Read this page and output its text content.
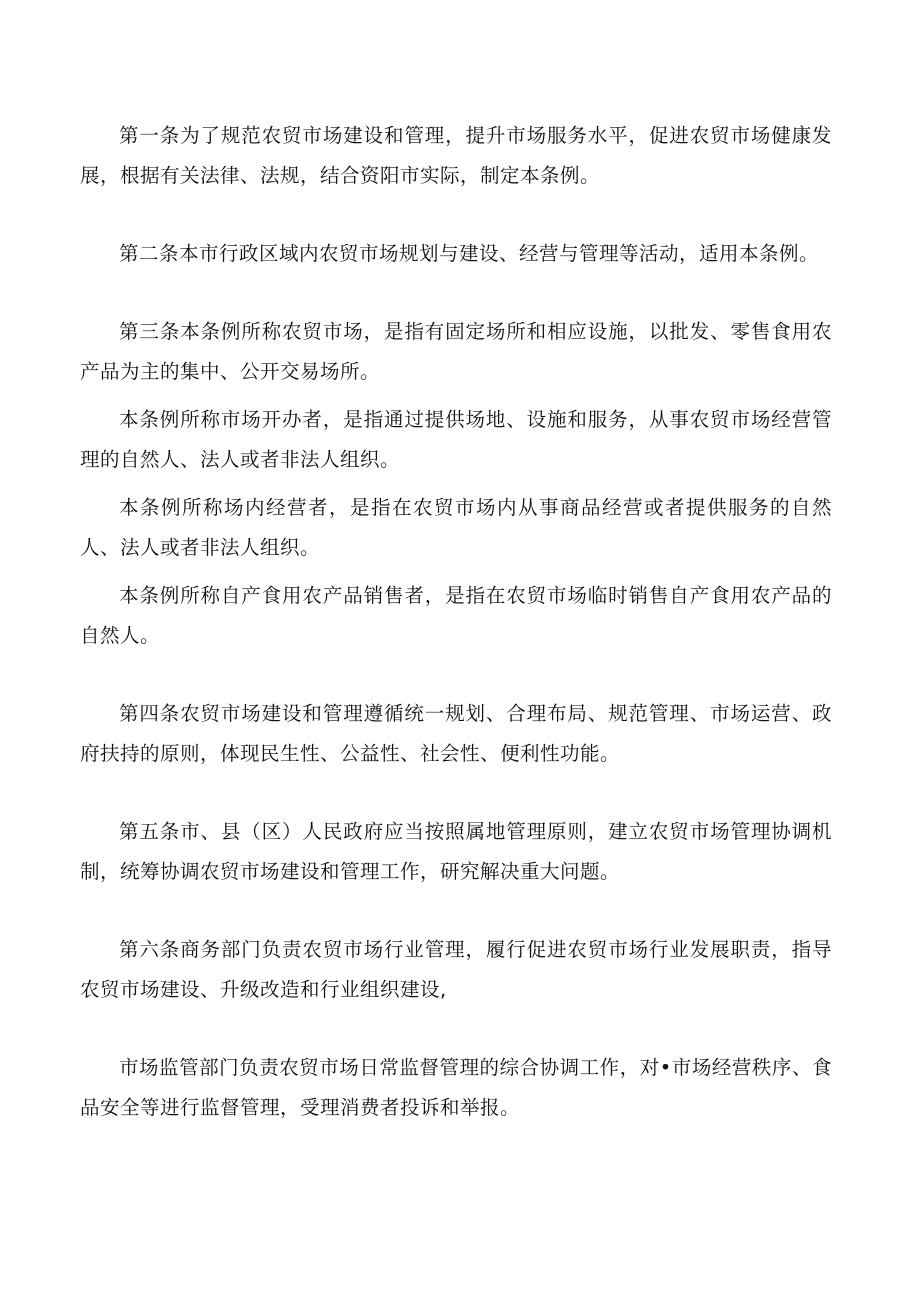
第一条为了规范农贸市场建设和管理，提升市场服务水平，促进农贸市场健康发展，根据有关法律、法规，结合资阳市实际，制定本条例。

第二条本市行政区域内农贸市场规划与建设、经营与管理等活动，适用本条例。

第三条本条例所称农贸市场，是指有固定场所和相应设施，以批发、零售食用农产品为主的集中、公开交易场所。

本条例所称市场开办者，是指通过提供场地、设施和服务，从事农贸市场经营管理的自然人、法人或者非法人组织。

本条例所称场内经营者，是指在农贸市场内从事商品经营或者提供服务的自然人、法人或者非法人组织。

本条例所称自产食用农产品销售者，是指在农贸市场临时销售自产食用农产品的自然人。

第四条农贸市场建设和管理遵循统一规划、合理布局、规范管理、市场运营、政府扶持的原则，体现民生性、公益性、社会性、便利性功能。

第五条市、县（区）人民政府应当按照属地管理原则，建立农贸市场管理协调机制，统筹协调农贸市场建设和管理工作，研究解决重大问题。

第六条商务部门负责农贸市场行业管理，履行促进农贸市场行业发展职责，指导农贸市场建设、升级改造和行业组织建设,

市场监管部门负责农贸市场日常监督管理的综合协调工作，对•市场经营秩序、食品安全等进行监督管理，受理消费者投诉和举报。
